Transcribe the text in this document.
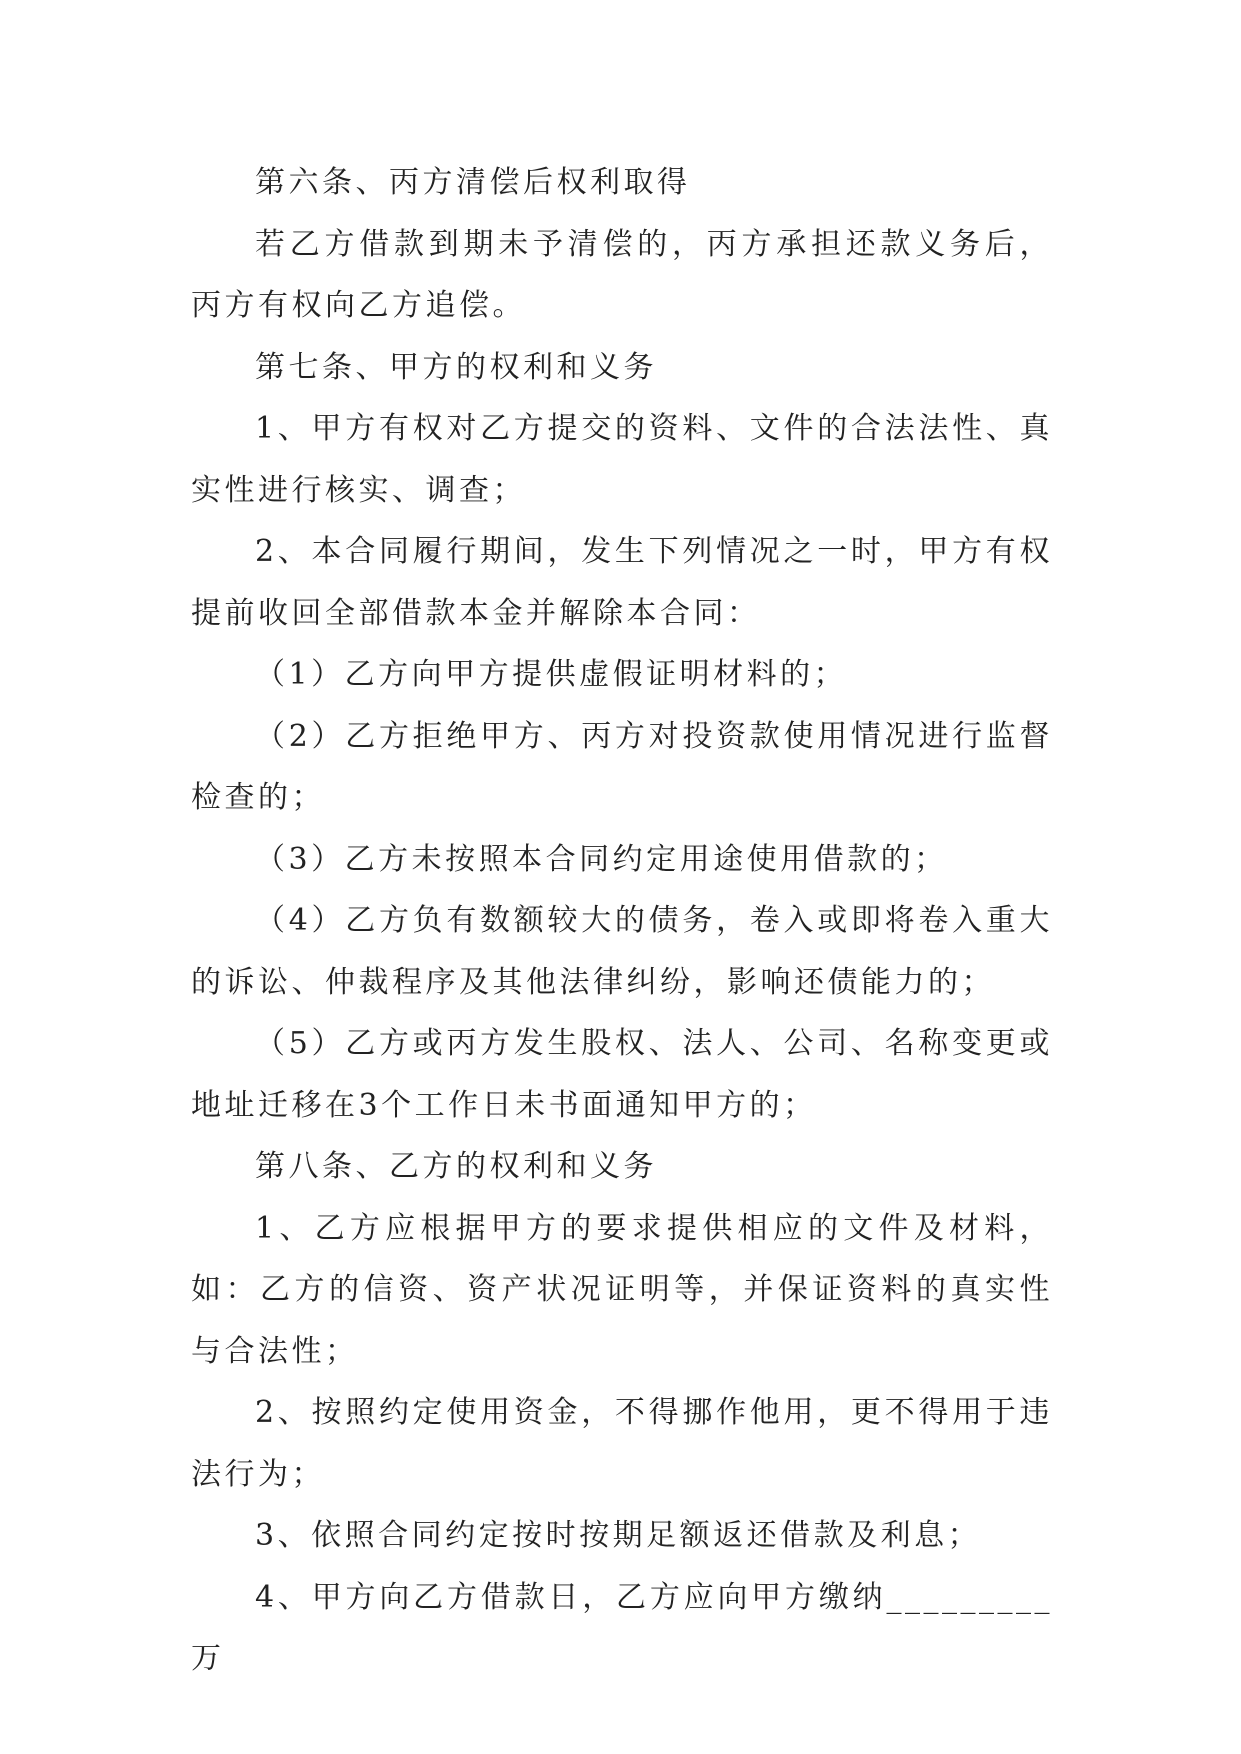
第六条、丙方清偿后权利取得

若乙方借款到期未予清偿的，丙方承担还款义务后，丙方有权向乙方追偿。

第七条、甲方的权利和义务

1、甲方有权对乙方提交的资料、文件的合法法性、真实性进行核实、调查；

2、本合同履行期间，发生下列情况之一时，甲方有权提前收回全部借款本金并解除本合同：

（1）乙方向甲方提供虚假证明材料的；

（2）乙方拒绝甲方、丙方对投资款使用情况进行监督检查的；

（3）乙方未按照本合同约定用途使用借款的；

（4）乙方负有数额较大的债务，卷入或即将卷入重大的诉讼、仲裁程序及其他法律纠纷，影响还债能力的；

（5）乙方或丙方发生股权、法人、公司、名称变更或地址迁移在3个工作日未书面通知甲方的；

第八条、乙方的权利和义务

1、乙方应根据甲方的要求提供相应的文件及材料，如：乙方的信资、资产状况证明等，并保证资料的真实性与合法性；

2、按照约定使用资金，不得挪作他用，更不得用于违法行为；

3、依照合同约定按时按期足额返还借款及利息；

4、甲方向乙方借款日，乙方应向甲方缴纳_________万
